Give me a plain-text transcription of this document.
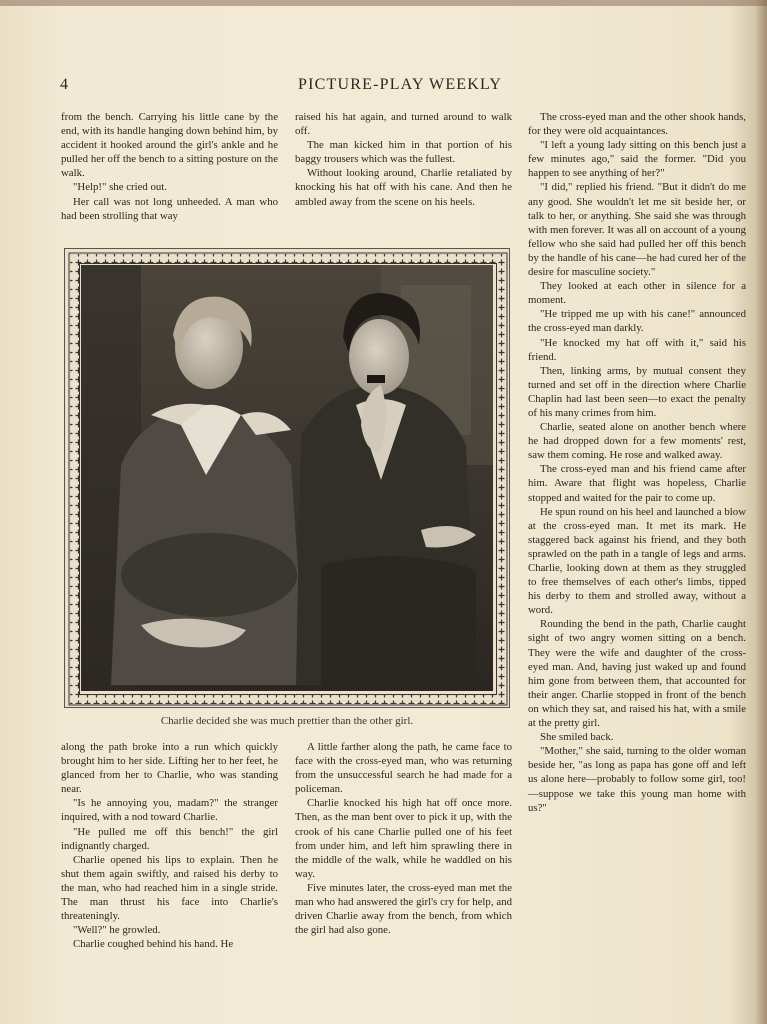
4	PICTURE-PLAY WEEKLY

from the bench. Carrying his little cane by the end, with its handle hanging down behind him, by accident it hooked around the girl's ankle and he pulled her off the bench to a sitting posture on the walk.

"Help!" she cried out.

Her call was not long unheeded. A man who had been strolling that way

raised his hat again, and turned around to walk off.

The man kicked him in that portion of his baggy trousers which was the fullest.

Without looking around, Charlie retaliated by knocking his hat off with his cane. And then he ambled away from the scene on his heels.

The cross-eyed man and the other shook hands, for they were old acquaintances.

"I left a young lady sitting on this bench just a few minutes ago," said the former. "Did you happen to see anything of her?"

"I did," replied his friend. "But it didn't do me any good. She wouldn't let me sit beside her, or talk to her, or anything. She said she was through with men forever. It was all on account of a young fellow who she said had pulled her off this bench by the handle of his cane—he had cured her of the desire for masculine society."

They looked at each other in silence for a moment.

"He tripped me up with his cane!" announced the cross-eyed man darkly.

"He knocked my hat off with it," said his friend.

Then, linking arms, by mutual consent they turned and set off in the direction where Charlie Chaplin had last been seen—to exact the penalty of his many crimes from him.

Charlie, seated alone on another bench where he had dropped down for a few moments' rest, saw them coming. He rose and walked away.

The cross-eyed man and his friend came after him. Aware that flight was hopeless, Charlie stopped and waited for the pair to come up.

He spun round on his heel and launched a blow at the cross-eyed man. It met its mark. He staggered back against his friend, and they both sprawled on the path in a tangle of legs and arms. Charlie, looking down at them as they struggled to free themselves of each other's limbs, tipped his derby to them and strolled away, without a word.

Rounding the bend in the path, Charlie caught sight of two angry women sitting on a bench. They were the wife and daughter of the cross-eyed man. And, having just waked up and found him gone from between them, that accounted for their anger. Charlie stopped in front of the bench on which they sat, and raised his hat, with a smile at the pretty girl.

She smiled back.

"Mother," she said, turning to the older woman beside her, "as long as papa has gone off and left us alone here—probably to follow some girl, too!—suppose we take this young man home with us?"

Charlie decided she was much prettier than the other girl.

along the path broke into a run which quickly brought him to her side. Lifting her to her feet, he glanced from her to Charlie, who was standing near.

"Is he annoying you, madam?" the stranger inquired, with a nod toward Charlie.

"He pulled me off this bench!" the girl indignantly charged.

Charlie opened his lips to explain. Then he shut them again swiftly, and raised his derby to the man, who had reached him in a single stride. The man thrust his face into Charlie's threateningly.

"Well?" he growled.

Charlie coughed behind his hand. He

A little farther along the path, he came face to face with the cross-eyed man, who was returning from the unsuccessful search he had made for a policeman.

Charlie knocked his high hat off once more. Then, as the man bent over to pick it up, with the crook of his cane Charlie pulled one of his feet from under him, and left him sprawling there in the middle of the walk, while he waddled on his way.

Five minutes later, the cross-eyed man met the man who had answered the girl's cry for help, and driven Charlie away from the bench, from which the girl had also gone.
